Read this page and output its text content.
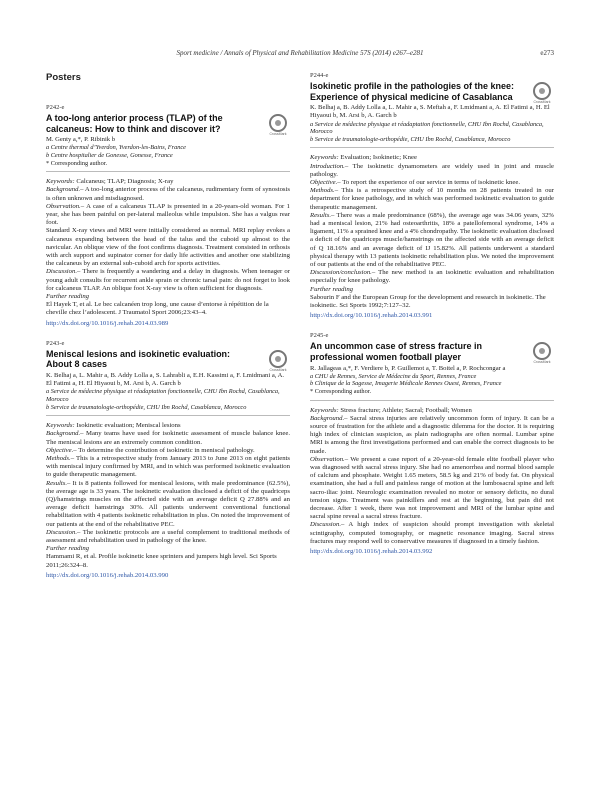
Sport medicine / Annals of Physical and Rehabilitation Medicine 57S (2014) e267–e281	e273
Posters
P242-e
A too-long anterior process (TLAP) of the calcaneus: How to think and discover it?
CrossMark
M. Genty a,*, P. Ribinik b
a Centre thermal d’Yverdon, Yverdon-les-Bains, France
b Centre hospitalier de Gonesse, Gonesse, France
* Corresponding author.

Keywords: Calcaneus; TLAP; Diagnosis; X-ray

Background.– A too-long anterior process of the calcaneus, rudimentary form of synostosis is often unknown and misdiagnosed.

Observation.– A case of a calcaneus TLAP is presented in a 20-years-old woman. For 1 year, she has been painful on per-lateral malleolus while impulsion. She has a valgus rear foot.

Standard X-ray views and MRI were initially considered as normal. MRI replay evokes a calcaneus expanding between the head of the talus and the cuboid up almost to the navicular. An oblique view of the foot confirms diagnosis. Treatment consisted in orthosis with arch support and supinator corner for daily life activities and another one stabilizing the calcaneus by an external sub-cuboid arch for sports activities.

Discussion.– There is frequently a wandering and a delay in diagnosis. When teenager or young adult consults for recurrent ankle sprain or chronic tarsal pain: do not forget to look for calcaneus TLAP. An oblique foot X-ray view is often sufficient for diagnosis.

Further reading
El Hayek T, et al. Le bec calcanéen trop long, une cause d’entorse à répétition de la cheville chez l’adolescent. J Traumatol Sport 2006;23:43–4.
http://dx.doi.org/10.1016/j.rehab.2014.03.989
P243-e
Meniscal lesions and isokinetic evaluation: About 8 cases
CrossMark
K. Belhaj a, L. Mahir a, B. Addy Lolla a, S. Lahrabli a, E.H. Kassimi a, F. Lmidmani a, A. El Fatimi a, H. El Hiyaoui b, M. Arsi b, A. Garch b
a Service de médecine physique et réadaptation fonctionnelle, CHU Ibn Rochd, Casablanca, Morocco
b Service de traumatologie-orthopédie, CHU Ibn Rochd, Casablanca, Morocco

Keywords: Isokinetic evaluation; Meniscal lesions

Background.– Many teams have used for isokinetic assessment of muscle balance knee. The meniscal lesions are an extremely common condition.

Objective.– To determine the contribution of isokinetic in meniscal pathology.

Methods.– This is a retrospective study from January 2013 to June 2013 on eight patients with meniscal injury confirmed by MRI, and in which was performed isokinetic evaluation to guide therapeutic management.

Results.– It is 8 patients followed for meniscal lesions, with male predominance (62.5%), the average age is 33 years. The isokinetic evaluation disclosed a deficit of the quadriceps (Q)/hamstrings muscles on the affected side with an average deficit Q 27.88% and an average deficit hamstrings 30%. All patients underwent conventional functional rehabilitation with 4 patients isokinetic rehabilitation in plus. On noted the improvement of our patients at the end of the rehabilitative PEC.

Discussion.– The isokinetic protocols are a useful complement to traditional methods of assessment and rehabilitation used in pathology of the knee.

Further reading
Hammami R, et al. Profile isokinetic knee sprinters and jumpers high level. Sci Sports 2011;26:324–8.
http://dx.doi.org/10.1016/j.rehab.2014.03.990
P244-e
Isokinetic profile in the pathologies of the knee: Experience of physical medicine of Casablanca
CrossMark
K. Belhaj a, B. Addy Lolla a, L. Mahir a, S. Meftah a, F. Lmidmani a, A. El Fatimi a, H. El Hiyaoui b, M. Arsi b, A. Garch b
a Service de médecine physique et réadaptation fonctionnelle, CHU Ibn Rochd, Casablanca, Morocco
b Service de traumatologie-orthopédie, CHU Ibn Rochd, Casablanca, Morocco

Keywords: Evaluation; Isokinetic; Knee

Introduction.– The isokinetic dynamometers are widely used in joint and muscle pathology.

Objective.– To report the experience of our service in terms of isokinetic knee.

Methods.– This is a retrospective study of 10 months on 28 patients treated in our department for knee pathology, and in which was performed isokinetic evaluation to guide therapeutic management.

Results.– There was a male predominance (68%), the average age was 34.06 years, 32% had a meniscal lesion, 21% had osteoarthritis, 18% a patellofemoral syndrome, 14% a ligament, 11% a sprained knee and a 4% chondropathy. The isokinetic evaluation disclosed a deficit of the quadriceps muscle/hamstrings on the affected side with an average deficit of Q 18.16% and an average deficit of IJ 15.82%. All patients underwent a standard physical therapy with 13 patients isokinetic rehabilitation plus. We noted the improvement of our patients at the end of the rehabilitative PEC.

Discussion/conclusion.– The new method is an isokinetic evaluation and rehabilitation especially for knee pathology.

Further reading
Sabourin F and the European Group for the development and research in isokinetic. The isokinetic. Sci Sports 1992;7:127–32.
http://dx.doi.org/10.1016/j.rehab.2014.03.991
P245-e
An uncommon case of stress fracture in professional women football player
CrossMark
R. Jallageas a,*, F. Verdiere b, P. Guillemot a, T. Boitel a, P. Rochcongar a
a CHU de Rennes, Service de Médecine du Sport, Rennes, France
b Clinique de la Sagesse, Imagerie Médicale Rennes Ouest, Rennes, France
* Corresponding author.

Keywords: Stress fracture; Athlete; Sacral; Football; Women

Background.– Sacral stress injuries are relatively uncommon form of injury. It can be a source of frustration for the athlete and a diagnostic dilemma for the doctor. It is requiring high index of clinician suspicion, as plain radiographs are often normal. Lumbar spine MRI is among the first investigations performed and can enable the correct diagnosis to be made.

Observation.– We present a case report of a 20-year-old female elite football player who was diagnosed with sacral stress injury. She had no amenorrhea and normal blood sample of calcium and phosphate. Weight 1.65 meters, 58.5 kg and 21% of body fat. On physical examination, she had a full and painless range of motion at the lumbosacral spine and left sacro-iliac joint. Neurologic examination revealed no motor or sensory deficits, no dural tension signs. Treatment was painkillers and rest at the beginning, but pain did not decrease. After 1 week, there was not improvement and MRI of the lumbar spine and sacral spine reveal a sacral stress fracture.

Discussion.– A high index of suspicion should prompt investigation with skeletal scintigraphy, computed tomography, or magnetic resonance imaging. Sacral stress fractures may respond well to conservative measures if diagnosed in a timely fashion.

http://dx.doi.org/10.1016/j.rehab.2014.03.992
